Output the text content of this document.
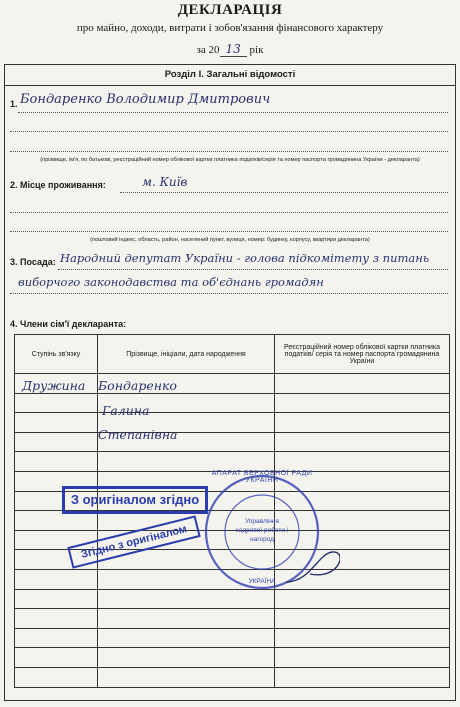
ДЕКЛАРАЦІЯ
про майно, доходи, витрати і зобов'язання фінансового характеру
за 20 13 рік
Розділ І. Загальні відомості
1. Бондаренко Володимир Дмитрович
(прізвище, ім'я, по батькові, реєстраційний номер облікової картки платника податків/серія та номер паспорта громадянина України - декларанта)
2. Місце проживання:	м. Київ
(поштовий індекс, область, район, населений пункт, вулиця, номер: будинку, корпусу, квартири декларанта)
3. Посада: Народний депутат України - голова підкомітету з питань
виборчого законодавства та об'єднань громадян
4. Члени сім'ї декларанта:
Ступінь зв'язку	Прізвище, ініціали, дата народження	Реєстраційний номер облікової картки платника податків/ серія та номер паспорта громадянина України

Дружина Бондаренко
Галина
Степанівна
З оригіналом згідно
Згідно з оригіналом
АПАРАТ ВЕРХОВНОЇ РАДИ УКРАЇНИ
Управління кадрової роботи і нагород
УКРАЇНА
